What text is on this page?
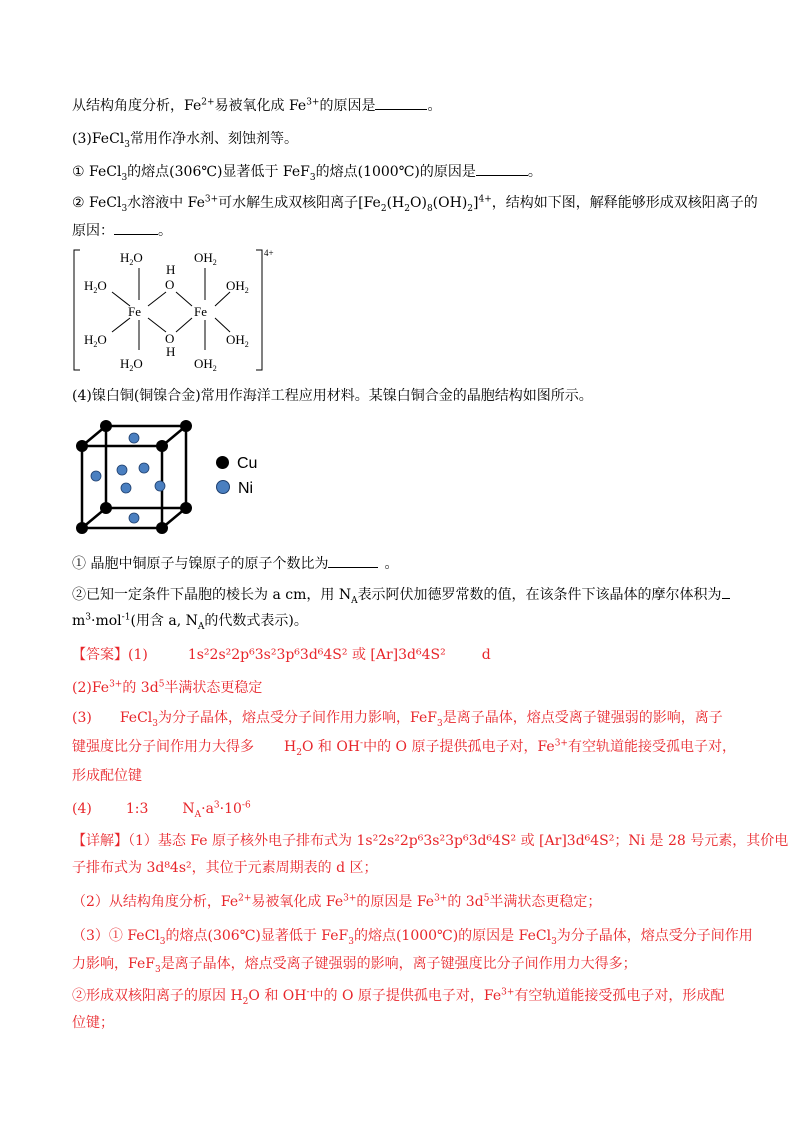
从结构角度分析，$Fe^{2+}$易被氧化成 $Fe^{3+}$的原因是	。
(3)FeCl$_3$常用作净水剂、刻蚀剂等。
① FeCl$_3$的熔点(306℃)显著低于 FeF$_3$的熔点(1000℃)的原因是	。
② FeCl$_3$水溶液中 $Fe^{3+}$可水解生成双核阳离子$[Fe_2(H_2O)_8(OH)_2]^{4+}$，结构如下图，解释能够形成双核阳离子的
原因：	。
4+
$H_2O$
H
O
$OH_2$
$H_2O$	$OH_2$
Fe	Fe
$H_2O$	O
H
$OH_2$
$H_2O$	$OH_2$
(4)镍白铜(铜镍合金)常用作海洋工程应用材料。某镍白铜合金的晶胞结构如图所示。
Cu
Ni
① 晶胞中铜原子与镍原子的原子个数比为	。
②已知一定条件下晶胞的棱长为 a cm，用 $N_A$表示阿伏加德罗常数的值，在该条件下该晶体的摩尔体积为
$m^3\cdot mol^{-1}$(用含 a, $N_A$的代数式表示)。
【答案】(1)	1s²2s²2p⁶3s²3p⁶3d⁶4S² 或 [Ar]3d⁶4S²	d
$(2)Fe^{3+}$的 $3d^5$半满状态更稳定
(3) FeCl$_3$为分子晶体，熔点受分子间作用力影响，FeF$_3$是离子晶体，熔点受离子键强弱的影响，离子
键强度比分子间作用力大得多 $H_2O$ 和 OH-中的 O 原子提供孤电子对，$Fe^{3+}$有空轨道能接受孤电子对，
形成配位键
(4) 1:3 $N_A\cdot a^3\cdot 10^{-6}$
【详解】（1）基态 Fe 原子核外电子排布式为 1s²2s²2p⁶3s²3p⁶3d⁶4S² 或 [Ar]3d⁶4S²；Ni 是 28 号元素，其价电
子排布式为 3d⁸4s²，其位于元素周期表的 d 区；
（2）从结构角度分析，$Fe^{2+}$易被氧化成 $Fe^{3+}$的原因是 $Fe^{3+}$的 $3d^5$半满状态更稳定；
（3）① FeCl$_3$的熔点(306℃)显著低于 FeF$_3$的熔点(1000℃)的原因是 FeCl$_3$为分子晶体，熔点受分子间作用
力影响，FeF$_3$是离子晶体，熔点受离子键强弱的影响，离子键强度比分子间作用力大得多；
②形成双核阳离子的原因 $H_2O$ 和 OH-中的 O 原子提供孤电子对，$Fe^{3+}$有空轨道能接受孤电子对，形成配
位键；
